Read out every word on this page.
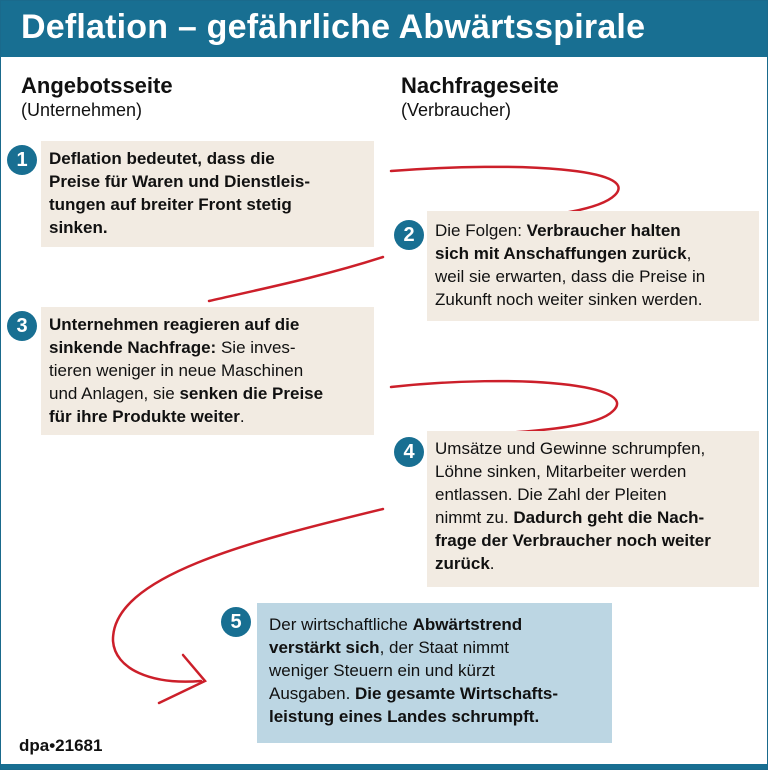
Deflation – gefährliche Abwärtsspirale
Angebotsseite
(Unternehmen)
Nachfrageseite
(Verbraucher)
1	Deflation bedeutet, dass die
Preise für Waren und Dienstleis-
tungen auf breiter Front stetig
sinken.	2	Die Folgen: Verbraucher halten
sich mit Anschaffungen zurück,
weil sie erwarten, dass die Preise in
Zukunft noch weiter sinken werden.
3	Unternehmen reagieren auf die
sinkende Nachfrage: Sie inves-
tieren weniger in neue Maschinen
und Anlagen, sie senken die Preise
für ihre Produkte weiter.
4	Umsätze und Gewinne schrumpfen,
Löhne sinken, Mitarbeiter werden
entlassen. Die Zahl der Pleiten
nimmt zu. Dadurch geht die Nach-
frage der Verbraucher noch weiter
zurück.
5	Der wirtschaftliche Abwärtstrend
verstärkt sich, der Staat nimmt
weniger Steuern ein und kürzt
Ausgaben. Die gesamte Wirtschafts-
leistung eines Landes schrumpft.
dpa•21681
